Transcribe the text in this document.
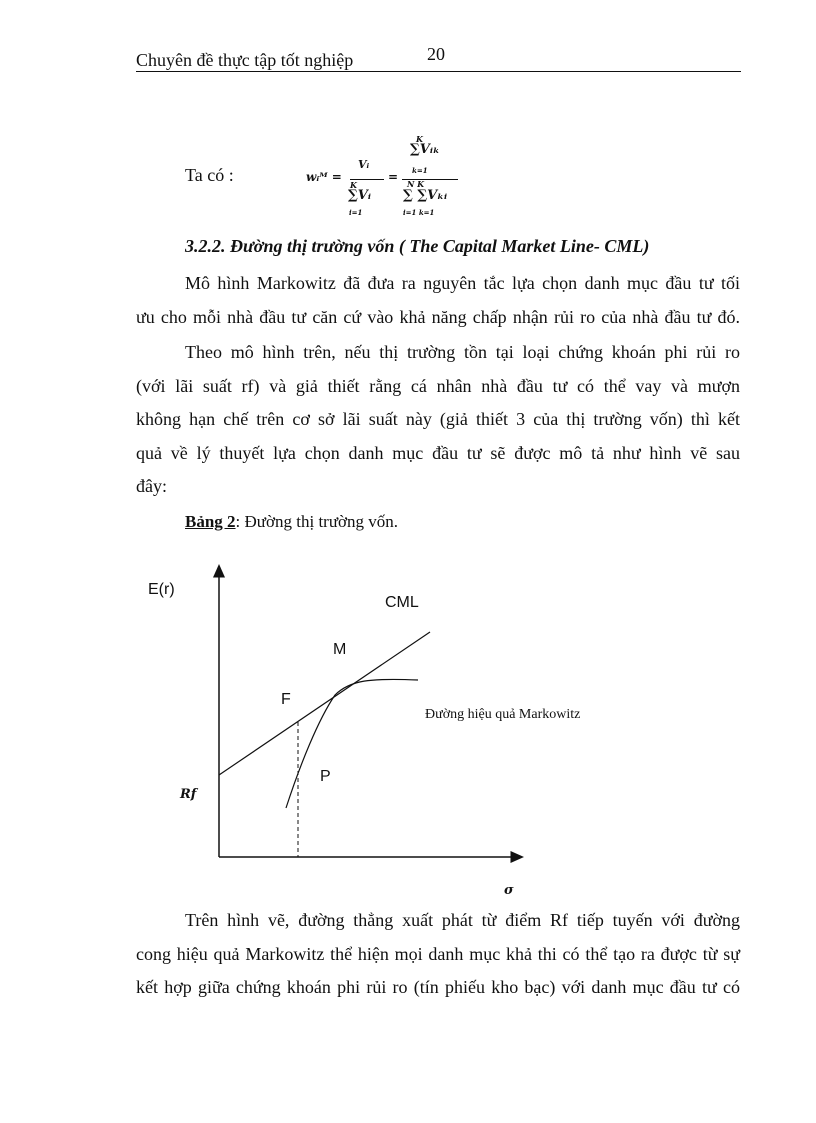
Chuyên đề thực tập tốt nghiệp	20
Ta có :	wᵢᴹ =
Vᵢ
K
∑Vᵢ
i=1
=
K
∑Vᵢₖ
k=1
N K
∑ ∑Vₖᵢ
i=1 k=1
3.2.2. Đường thị trường vốn ( The Capital Market Line- CML)
Mô hình Markowitz đã đưa ra nguyên tắc lựa chọn danh mục đầu tư tối
ưu cho mỗi nhà đầu tư căn cứ vào khả năng chấp nhận rủi ro của nhà đầu tư đó.
Theo mô hình trên, nếu thị trường tồn tại loại chứng khoán phi rủi ro
(với lãi suất rf) và giả thiết rằng cá nhân nhà đầu tư có thể vay và mượn
không hạn chế trên cơ sở lãi suất này (giả thiết 3 của thị trường vốn) thì kết
quả về lý thuyết lựa chọn danh mục đầu tư sẽ được mô tả như hình vẽ sau
đây:
Bảng 2: Đường thị trường vốn.
E(r)
σ
CML
M
F
P
Đường hiệu quả Markowitz
Rf
Trên hình vẽ, đường thẳng xuất phát từ điểm Rf tiếp tuyến với đường
cong hiệu quả Markowitz thể hiện mọi danh mục khả thi có thể tạo ra được từ sự
kết hợp giữa chứng khoán phi rủi ro (tín phiếu kho bạc) với danh mục đầu tư có
